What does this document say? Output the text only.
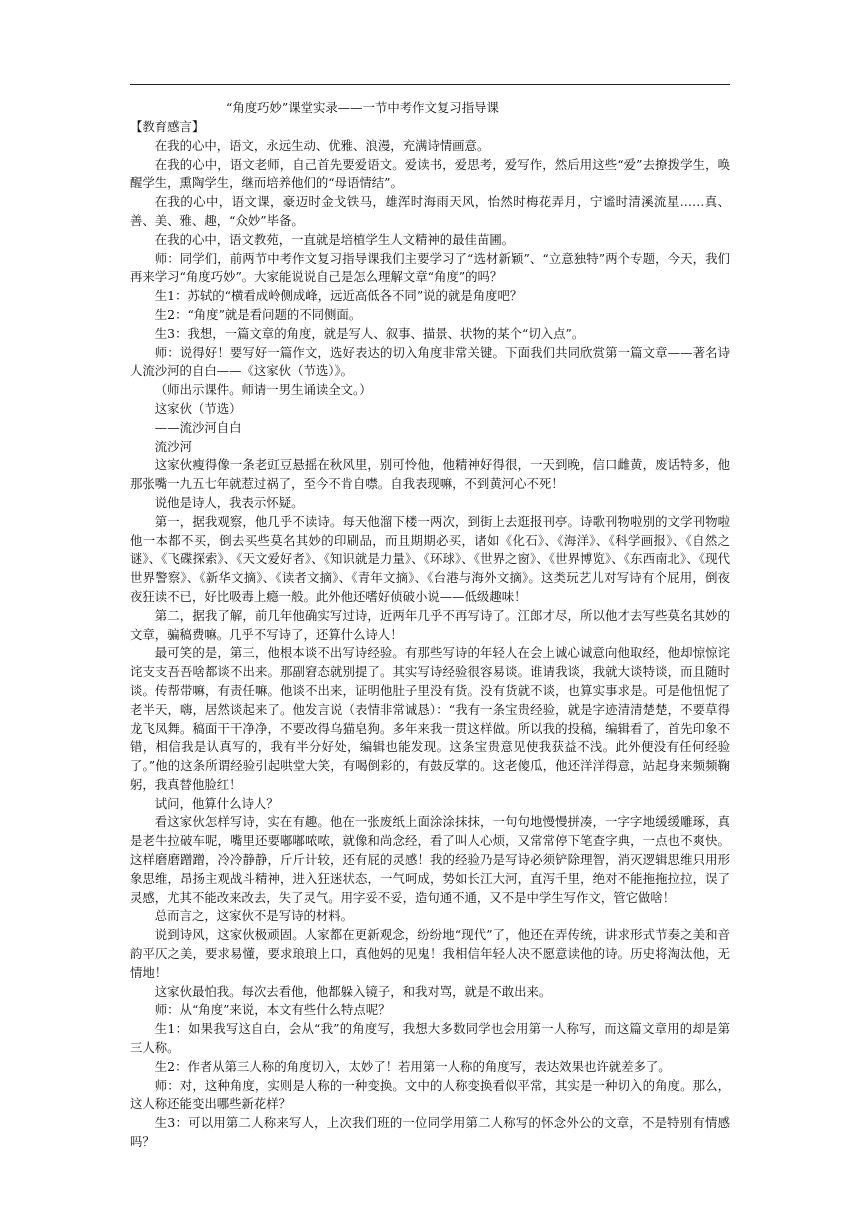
“角度巧妙”课堂实录——一节中考作文复习指导课
【教育感言】

在我的心中，语文，永远生动、优雅、浪漫，充满诗情画意。

在我的心中，语文老师，自己首先要爱语文。爱读书，爱思考，爱写作，然后用这些“爱”去撩拨学生，唤醒学生，熏陶学生，继而培养他们的“母语情结”。

在我的心中，语文课，豪迈时金戈铁马，雄浑时海雨天风，怡然时梅花弄月，宁谧时清溪流星……真、善、美、雅、趣，“众妙”毕备。

在我的心中，语文教苑，一直就是培植学生人文精神的最佳苗圃。

师：同学们，前两节中考作文复习指导课我们主要学习了“选材新颖”、“立意独特”两个专题，今天，我们再来学习“角度巧妙”。大家能说说自己是怎么理解文章“角度”的吗？

生1：苏轼的“横看成岭侧成峰，远近高低各不同”说的就是角度吧？

生2：“角度”就是看问题的不同侧面。

生3：我想，一篇文章的角度，就是写人、叙事、描景、状物的某个“切入点”。

师：说得好！要写好一篇作文，选好表达的切入角度非常关键。下面我们共同欣赏第一篇文章——著名诗人流沙河的自白——《这家伙（节选）》。

（师出示课件。师请一男生诵读全文。）

这家伙（节选）

——流沙河自白

流沙河

这家伙瘦得像一条老豇豆悬摇在秋风里，别可怜他，他精神好得很，一天到晚，信口雌黄，废话特多，他那张嘴一九五七年就惹过祸了，至今不肯自噤。自我表现嘛，不到黄河心不死！

说他是诗人，我表示怀疑。

第一，据我观察，他几乎不读诗。每天他溜下楼一两次，到街上去逛报刊亭。诗歌刊物啦别的文学刊物啦他一本都不买，倒去买些莫名其妙的印刷品，而且期期必买，诸如《化石》、《海洋》、《科学画报》、《自然之谜》、《飞碟探索》、《天文爱好者》、《知识就是力量》、《环球》、《世界之窗》、《世界博览》、《东西南北》、《现代世界警察》、《新华文摘》、《读者文摘》、《青年文摘》、《台港与海外文摘》。这类玩艺儿对写诗有个屁用，倒夜夜狂读不已，好比吸毒上瘾一般。此外他还嗜好侦破小说——低级趣味！

第二，据我了解，前几年他确实写过诗，近两年几乎不再写诗了。江郎才尽，所以他才去写些莫名其妙的文章，骗稿费嘛。几乎不写诗了，还算什么诗人！

最可笑的是，第三，他根本谈不出写诗经验。有那些写诗的年轻人在会上诚心诚意向他取经，他却惊惊诧诧支支吾吾啥都谈不出来。那副窘态就别提了。其实写诗经验很容易谈。谁请我谈，我就大谈特谈，而且随时谈。传帮带嘛，有责任嘛。他谈不出来，证明他肚子里没有货。没有货就不谈，也算实事求是。可是他忸怩了老半天，嗨，居然谈起来了。他发言说（表情非常诚恳）：“我有一条宝贵经验，就是字迹清清楚楚，不要草得龙飞凤舞。稿面干干净净，不要改得乌猫皂狗。多年来我一贯这样做。所以我的投稿，编辑看了，首先印象不错，相信我是认真写的，我有半分好处，编辑也能发现。这条宝贵意见使我获益不浅。此外便没有任何经验了。”他的这条所谓经验引起哄堂大笑，有喝倒彩的，有鼓反掌的。这老傻瓜，他还洋洋得意，站起身来频频鞠躬，我真替他脸红！

试问，他算什么诗人？

看这家伙怎样写诗，实在有趣。他在一张废纸上面涂涂抹抹，一句句地慢慢拼凑，一字字地缓缓雕琢，真是老牛拉破车呢，嘴里还要嘟嘟哝哝，就像和尚念经，看了叫人心烦，又常常停下笔查字典，一点也不爽快。这样磨磨蹭蹭，冷冷静静，斤斤计较，还有屁的灵感！我的经验乃是写诗必须铲除理智，消灭逻辑思维只用形象思维，昂扬主观战斗精神，进入狂迷状态，一气呵成，势如长江大河，直泻千里，绝对不能拖拖拉拉，误了灵感，尤其不能改来改去，失了灵气。用字妥不妥，造句通不通，又不是中学生写作文，管它做啥！

总而言之，这家伙不是写诗的材料。

说到诗风，这家伙极顽固。人家都在更新观念，纷纷地“现代”了，他还在弄传统，讲求形式节奏之美和音韵平仄之美，要求易懂，要求琅琅上口，真他妈的见鬼！我相信年轻人决不愿意读他的诗。历史将淘汰他，无情地！

这家伙最怕我。每次去看他，他都躲入镜子，和我对骂，就是不敢出来。

师：从“角度”来说，本文有些什么特点呢？

生1：如果我写这自白，会从“我”的角度写，我想大多数同学也会用第一人称写，而这篇文章用的却是第三人称。

生2：作者从第三人称的角度切入，太妙了！若用第一人称的角度写，表达效果也许就差多了。

师：对，这种角度，实则是人称的一种变换。文中的人称变换看似平常，其实是一种切入的角度。那么，这人称还能变出哪些新花样？

生3：可以用第二人称来写人，上次我们班的一位同学用第二人称写的怀念外公的文章，不是特别有情感吗？
